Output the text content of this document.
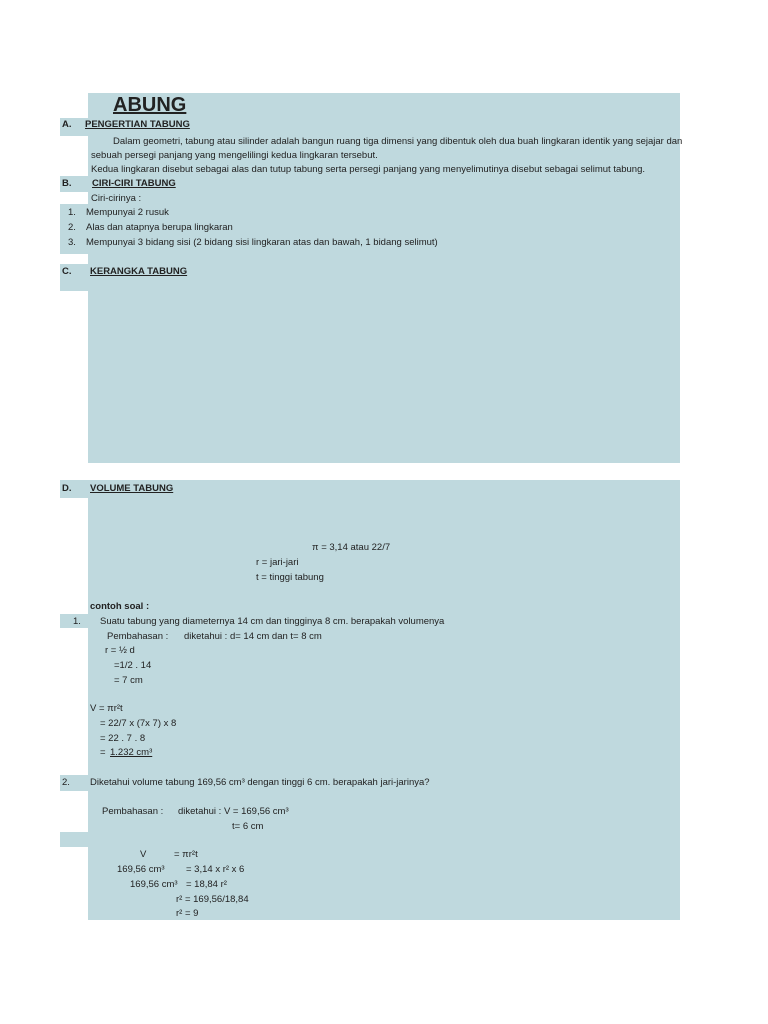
ABUNG
A. PENGERTIAN TABUNG
Dalam geometri, tabung atau silinder adalah bangun ruang tiga dimensi yang dibentuk oleh dua buah lingkaran identik yang sejajar dan
sebuah persegi panjang yang mengelilingi kedua lingkaran tersebut.
Kedua lingkaran disebut sebagai alas dan tutup tabung serta persegi panjang yang menyelimutinya disebut sebagai selimut tabung.
B. CIRI-CIRI TABUNG
Ciri-cirinya :
1. Mempunyai 2 rusuk
2. Alas dan atapnya berupa lingkaran
3. Mempunyai 3 bidang sisi (2 bidang sisi lingkaran atas dan bawah, 1 bidang selimut)
C. KERANGKA TABUNG
D. VOLUME TABUNG
π = 3,14 atau 22/7
r = jari-jari
t = tinggi tabung
contoh soal :
1. Suatu tabung yang diameternya 14 cm dan tingginya 8 cm. berapakah volumenya
Pembahasan : diketahui : d= 14 cm dan t= 8 cm
r = ½ d
=1/2 . 14
= 7 cm
V = πr²t
= 22/7 x (7x 7) x 8
= 22 . 7 . 8
= 1.232 cm³
2. Diketahui volume tabung 169,56 cm³ dengan tinggi 6 cm. berapakah jari-jarinya?
Pembahasan : diketahui : V = 169,56 cm³
t= 6 cm
V	= πr²t
169,56 cm³ = 3,14 x r² x 6
169,56 cm³ = 18,84 r²
r² = 169,56/18,84
r² = 9
